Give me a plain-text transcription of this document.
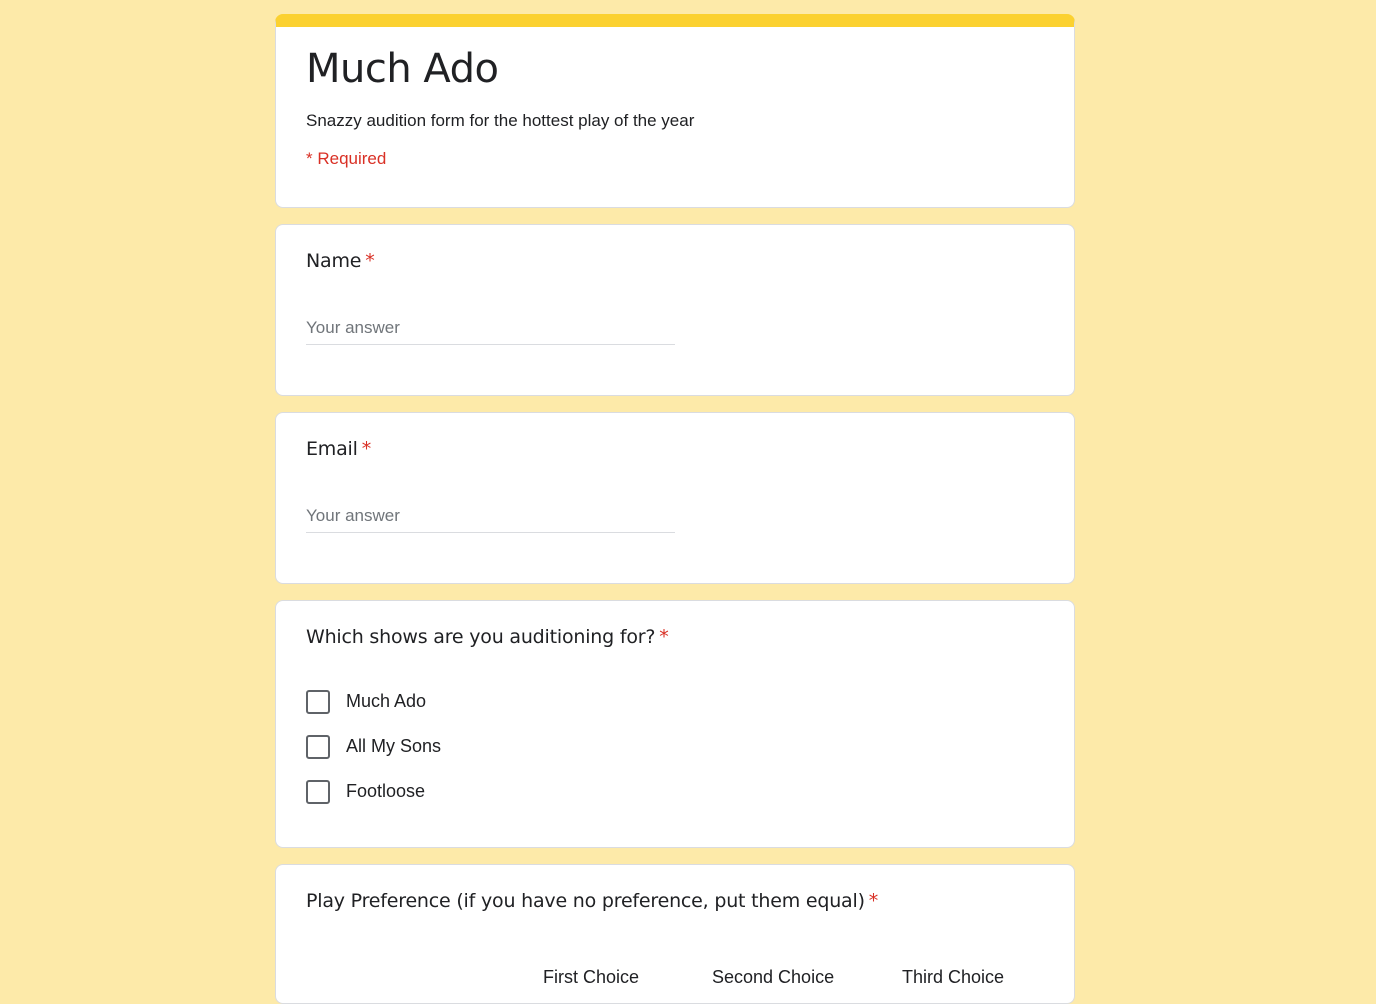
Much Ado
Snazzy audition form for the hottest play of the year
* Required
Name *
Your answer
Email *
Your answer
Which shows are you auditioning for? *
Much Ado
All My Sons
Footloose
Play Preference (if you have no preference, put them equal) *
First Choice	Second Choice	Third Choice
